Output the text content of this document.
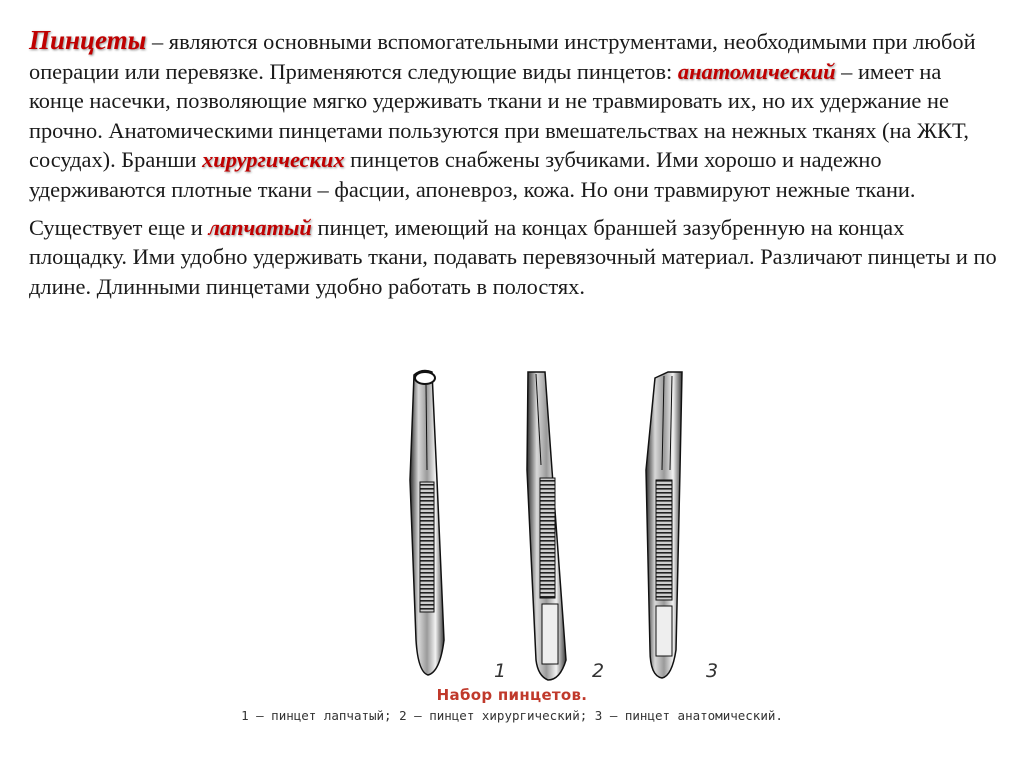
Пинцеты – являются основными вспомогательными инструментами, необходимыми при любой операции или перевязке. Применяются следующие виды пинцетов: анатомический – имеет на конце насечки, позволяющие мягко удерживать ткани и не травмировать их, но их удержание не прочно. Анатомическими пинцетами пользуются при вмешательствах на нежных тканях (на ЖКТ, сосудах). Бранши хирургических пинцетов снабжены зубчиками. Ими хорошо и надежно удерживаются плотные ткани – фасции, апоневроз, кожа. Но они травмируют нежные ткани.

Существует еще и лапчатый пинцет, имеющий на концах браншей зазубренную на концах площадку. Ими удобно удерживать ткани, подавать перевязочный материал. Различают пинцеты и по длине. Длинными пинцетами удобно работать в полостях.

1	2	3
Набор пинцетов.
1 – пинцет лапчатый; 2 – пинцет хирургический; 3 – пинцет анатомический.
